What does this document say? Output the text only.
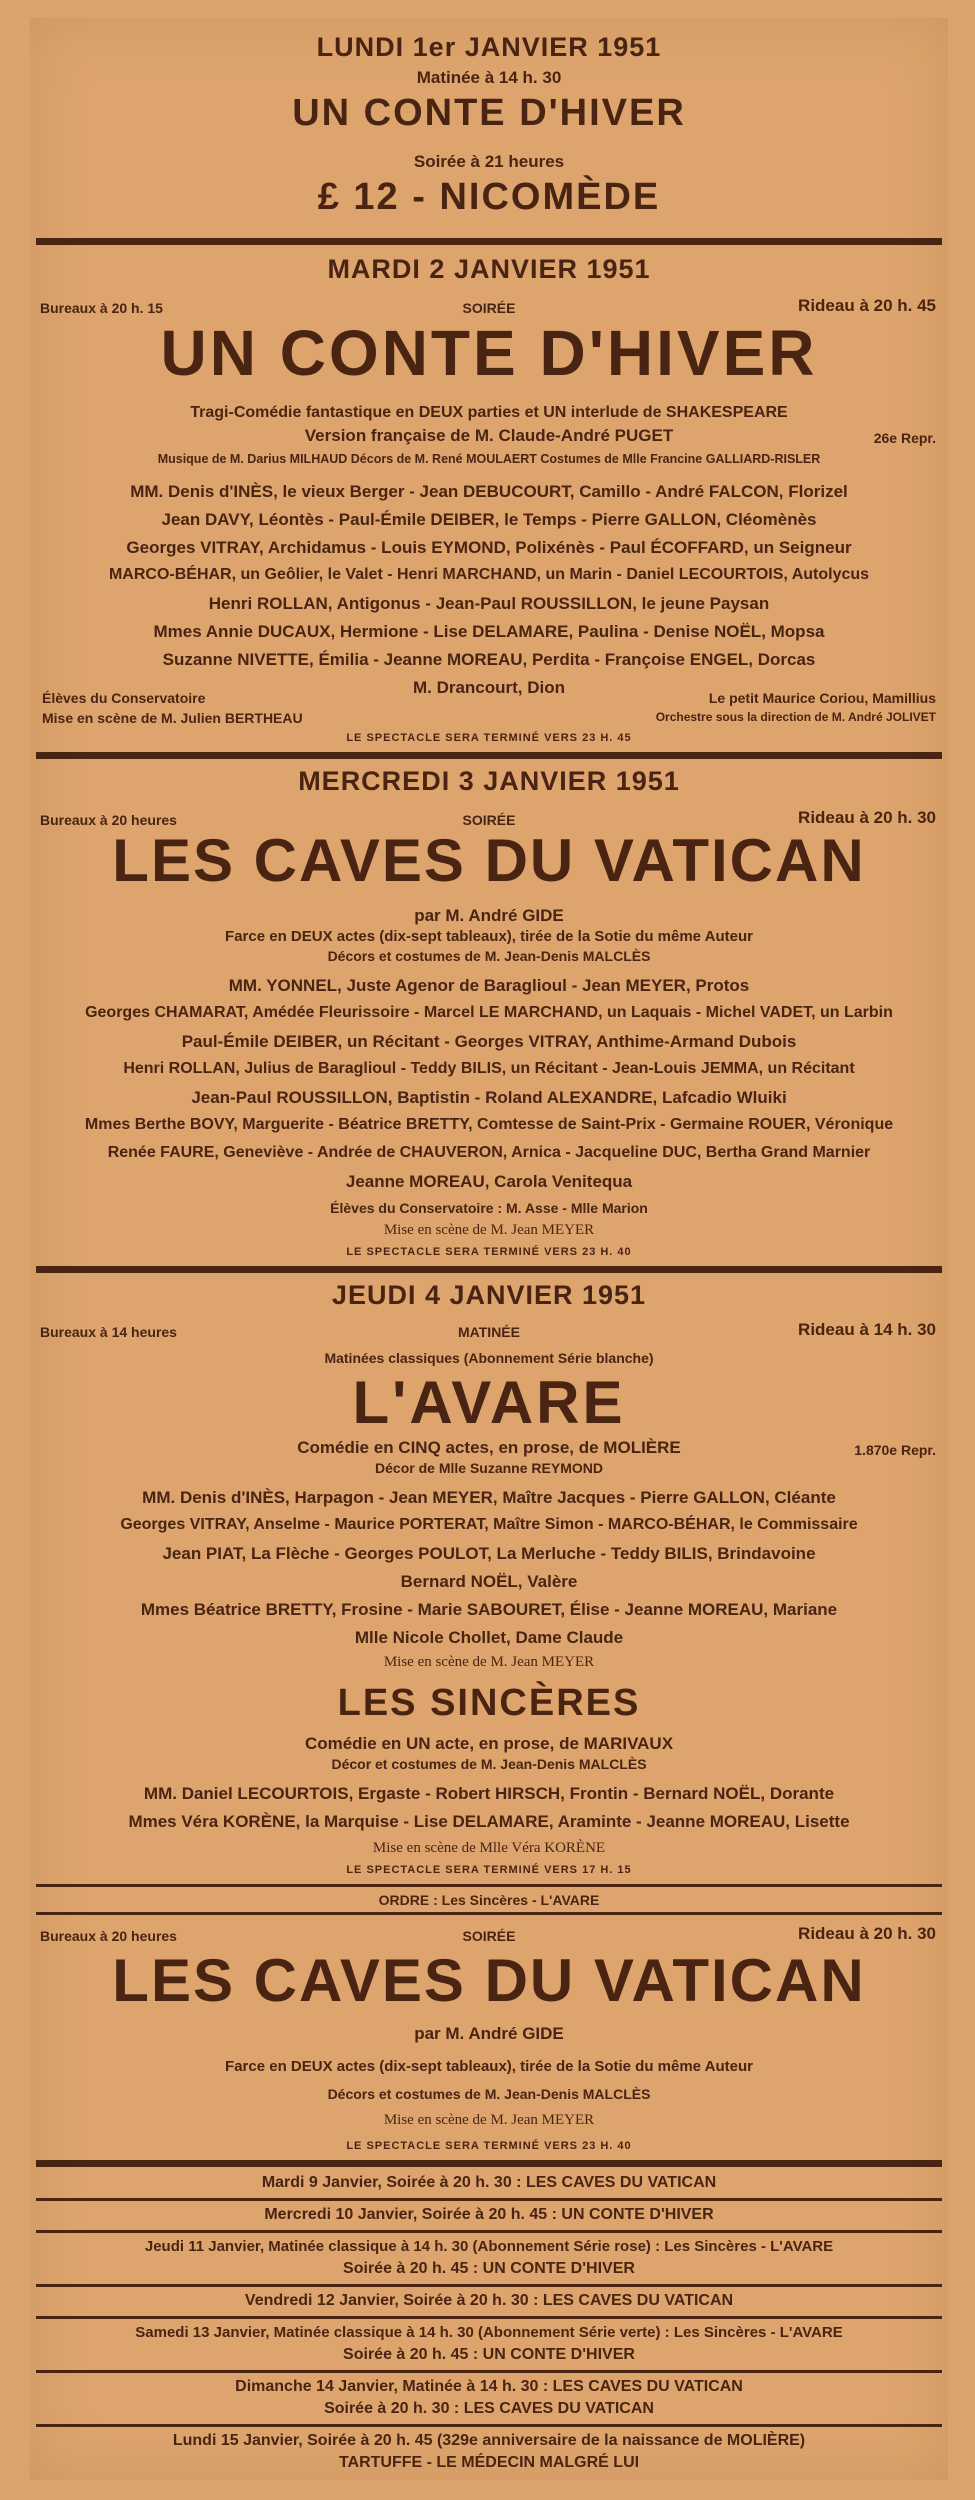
LUNDI 1er JANVIER 1951
Matinée à 14 h. 30
UN CONTE D'HIVER
Soirée à 21 heures
£ 12 - NICOMÈDE
MARDI 2 JANVIER 1951
Bureaux à 20 h. 15	SOIRÉE	Rideau à 20 h. 45
UN CONTE D'HIVER
Tragi-Comédie fantastique en DEUX parties et UN interlude de SHAKESPEARE
Version française de M. Claude-André PUGET	26e Repr.
Musique de M. Darius MILHAUD Décors de M. René MOULAERT Costumes de Mlle Francine GALLIARD-RISLER
MM. Denis d'INÈS, le vieux Berger - Jean DEBUCOURT, Camillo - André FALCON, Florizel
Jean DAVY, Léontès - Paul-Émile DEIBER, le Temps - Pierre GALLON, Cléomènès
Georges VITRAY, Archidamus - Louis EYMOND, Polixénès - Paul ÉCOFFARD, un Seigneur
MARCO-BÉHAR, un Geôlier, le Valet - Henri MARCHAND, un Marin - Daniel LECOURTOIS, Autolycus
Henri ROLLAN, Antigonus - Jean-Paul ROUSSILLON, le jeune Paysan
Mmes Annie DUCAUX, Hermione - Lise DELAMARE, Paulina - Denise NOËL, Mopsa
Suzanne NIVETTE, Émilia - Jeanne MOREAU, Perdita - Françoise ENGEL, Dorcas
M. Drancourt, Dion
Élèves du Conservatoire	Le petit Maurice Coriou, Mamillius
Mise en scène de M. Julien BERTHEAU	Orchestre sous la direction de M. André JOLIVET
LE SPECTACLE SERA TERMINÉ VERS 23 H. 45
MERCREDI 3 JANVIER 1951
Bureaux à 20 heures	SOIRÉE	Rideau à 20 h. 30
LES CAVES DU VATICAN
par M. André GIDE
Farce en DEUX actes (dix-sept tableaux), tirée de la Sotie du même Auteur
Décors et costumes de M. Jean-Denis MALCLÈS
MM. YONNEL, Juste Agenor de Baraglioul - Jean MEYER, Protos
Georges CHAMARAT, Amédée Fleurissoire - Marcel LE MARCHAND, un Laquais - Michel VADET, un Larbin
Paul-Émile DEIBER, un Récitant - Georges VITRAY, Anthime-Armand Dubois
Henri ROLLAN, Julius de Baraglioul - Teddy BILIS, un Récitant - Jean-Louis JEMMA, un Récitant
Jean-Paul ROUSSILLON, Baptistin - Roland ALEXANDRE, Lafcadio Wluiki
Mmes Berthe BOVY, Marguerite - Béatrice BRETTY, Comtesse de Saint-Prix - Germaine ROUER, Véronique
Renée FAURE, Geneviève - Andrée de CHAUVERON, Arnica - Jacqueline DUC, Bertha Grand Marnier
Jeanne MOREAU, Carola Venitequa
Élèves du Conservatoire : M. Asse - Mlle Marion
Mise en scène de M. Jean MEYER
LE SPECTACLE SERA TERMINÉ VERS 23 H. 40
JEUDI 4 JANVIER 1951
Bureaux à 14 heures	MATINÉE	Rideau à 14 h. 30
Matinées classiques (Abonnement Série blanche)
L'AVARE
Comédie en CINQ actes, en prose, de MOLIÈRE	1.870e Repr.
Décor de Mlle Suzanne REYMOND
MM. Denis d'INÈS, Harpagon - Jean MEYER, Maître Jacques - Pierre GALLON, Cléante
Georges VITRAY, Anselme - Maurice PORTERAT, Maître Simon - MARCO-BÉHAR, le Commissaire
Jean PIAT, La Flèche - Georges POULOT, La Merluche - Teddy BILIS, Brindavoine
Bernard NOËL, Valère
Mmes Béatrice BRETTY, Frosine - Marie SABOURET, Élise - Jeanne MOREAU, Mariane
Mlle Nicole Chollet, Dame Claude
Mise en scène de M. Jean MEYER
LES SINCÈRES
Comédie en UN acte, en prose, de MARIVAUX
Décor et costumes de M. Jean-Denis MALCLÈS
MM. Daniel LECOURTOIS, Ergaste - Robert HIRSCH, Frontin - Bernard NOËL, Dorante
Mmes Véra KORÈNE, la Marquise - Lise DELAMARE, Araminte - Jeanne MOREAU, Lisette
Mise en scène de Mlle Véra KORÈNE
LE SPECTACLE SERA TERMINÉ VERS 17 H. 15
ORDRE : Les Sincères - L'AVARE
Bureaux à 20 heures	SOIRÉE	Rideau à 20 h. 30
LES CAVES DU VATICAN
par M. André GIDE
Farce en DEUX actes (dix-sept tableaux), tirée de la Sotie du même Auteur
Décors et costumes de M. Jean-Denis MALCLÈS
Mise en scène de M. Jean MEYER
LE SPECTACLE SERA TERMINÉ VERS 23 H. 40
Mardi 9 Janvier, Soirée à 20 h. 30 : LES CAVES DU VATICAN
Mercredi 10 Janvier, Soirée à 20 h. 45 : UN CONTE D'HIVER
Jeudi 11 Janvier, Matinée classique à 14 h. 30 (Abonnement Série rose) : Les Sincères - L'AVARE
Soirée à 20 h. 45 : UN CONTE D'HIVER
Vendredi 12 Janvier, Soirée à 20 h. 30 : LES CAVES DU VATICAN
Samedi 13 Janvier, Matinée classique à 14 h. 30 (Abonnement Série verte) : Les Sincères - L'AVARE
Soirée à 20 h. 45 : UN CONTE D'HIVER
Dimanche 14 Janvier, Matinée à 14 h. 30 : LES CAVES DU VATICAN
Soirée à 20 h. 30 : LES CAVES DU VATICAN
Lundi 15 Janvier, Soirée à 20 h. 45 (329e anniversaire de la naissance de MOLIÈRE)
TARTUFFE - LE MÉDECIN MALGRÉ LUI
